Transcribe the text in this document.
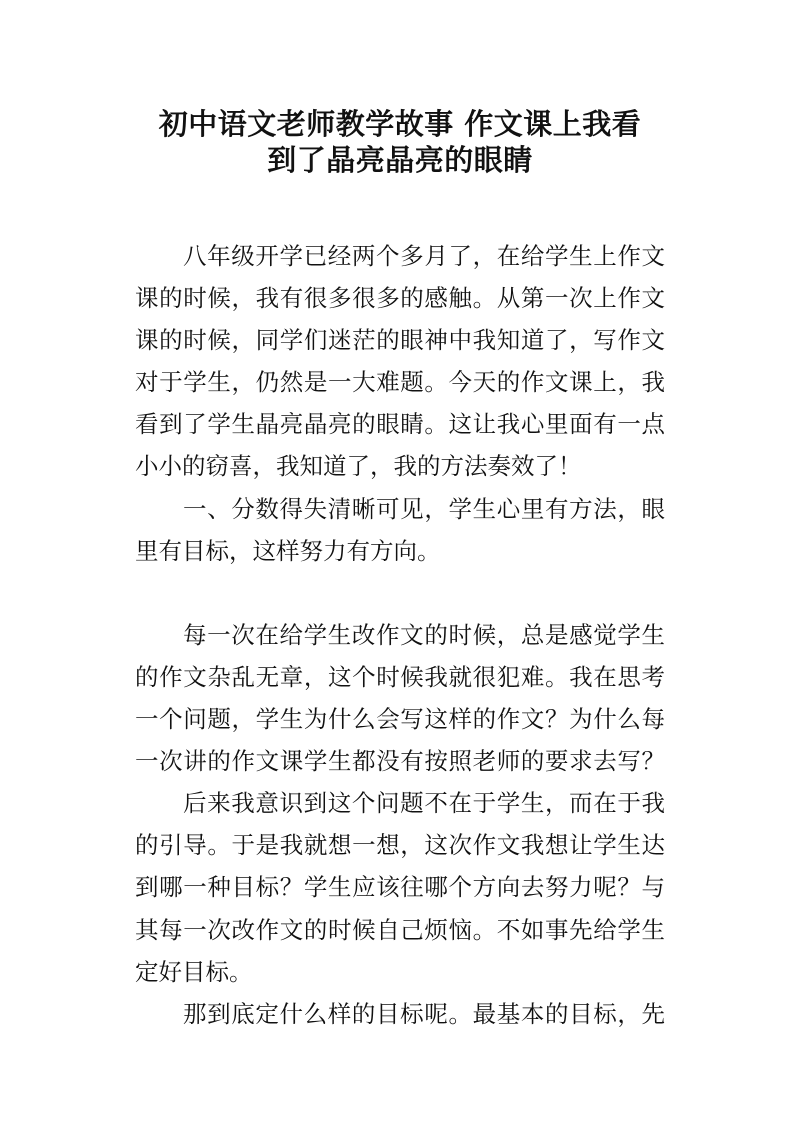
初中语文老师教学故事 作文课上我看
到了晶亮晶亮的眼睛
八年级开学已经两个多月了，在给学生上作文
课的时候，我有很多很多的感触。从第一次上作文
课的时候，同学们迷茫的眼神中我知道了，写作文
对于学生，仍然是一大难题。今天的作文课上，我
看到了学生晶亮晶亮的眼睛。这让我心里面有一点
小小的窃喜，我知道了，我的方法奏效了！
一、分数得失清晰可见，学生心里有方法，眼
里有目标，这样努力有方向。
每一次在给学生改作文的时候，总是感觉学生
的作文杂乱无章，这个时候我就很犯难。我在思考
一个问题，学生为什么会写这样的作文？为什么每
一次讲的作文课学生都没有按照老师的要求去写？
后来我意识到这个问题不在于学生，而在于我
的引导。于是我就想一想，这次作文我想让学生达
到哪一种目标？学生应该往哪个方向去努力呢？与
其每一次改作文的时候自己烦恼。不如事先给学生
定好目标。
那到底定什么样的目标呢。最基本的目标，先
